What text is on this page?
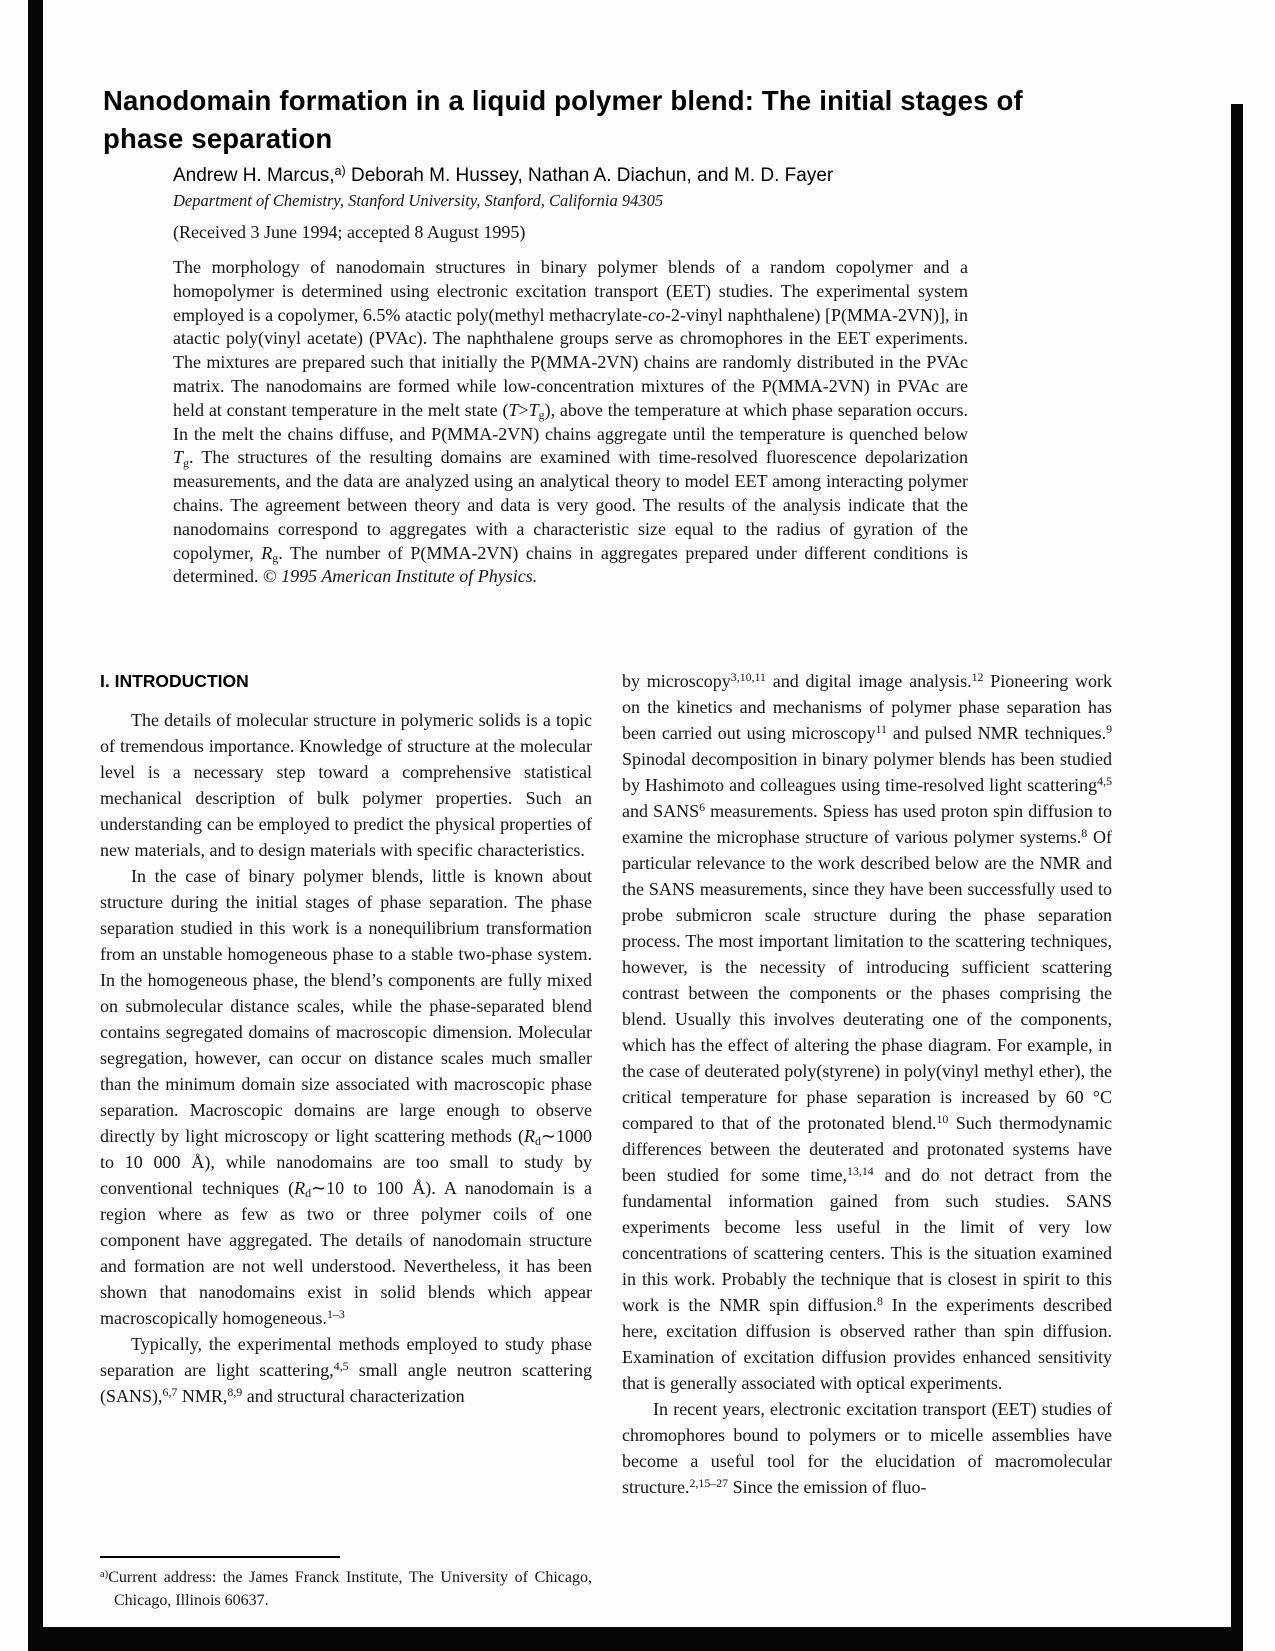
Nanodomain formation in a liquid polymer blend: The initial stages of phase separation

Andrew H. Marcus,$^{a)}$ Deborah M. Hussey, Nathan A. Diachun, and M. D. Fayer

Department of Chemistry, Stanford University, Stanford, California 94305

(Received 3 June 1994; accepted 8 August 1995)

The morphology of nanodomain structures in binary polymer blends of a random copolymer and a homopolymer is determined using electronic excitation transport (EET) studies. The experimental system employed is a copolymer, 6.5% atactic poly(methyl methacrylate-co-2-vinyl naphthalene) [P(MMA-2VN)], in atactic poly(vinyl acetate) (PVAc). The naphthalene groups serve as chromophores in the EET experiments. The mixtures are prepared such that initially the P(MMA-2VN) chains are randomly distributed in the PVAc matrix. The nanodomains are formed while low-concentration mixtures of the P(MMA-2VN) in PVAc are held at constant temperature in the melt state $(T>T_g)$, above the temperature at which phase separation occurs. In the melt the chains diffuse, and P(MMA-2VN) chains aggregate until the temperature is quenched below $T_g$. The structures of the resulting domains are examined with time-resolved fluorescence depolarization measurements, and the data are analyzed using an analytical theory to model EET among interacting polymer chains. The agreement between theory and data is very good. The results of the analysis indicate that the nanodomains correspond to aggregates with a characteristic size equal to the radius of gyration of the copolymer, $R_g$. The number of P(MMA-2VN) chains in aggregates prepared under different conditions is determined. © 1995 American Institute of Physics.

I. INTRODUCTION

The details of molecular structure in polymeric solids is a topic of tremendous importance. Knowledge of structure at the molecular level is a necessary step toward a comprehensive statistical mechanical description of bulk polymer properties. Such an understanding can be employed to predict the physical properties of new materials, and to design materials with specific characteristics.

In the case of binary polymer blends, little is known about structure during the initial stages of phase separation. The phase separation studied in this work is a nonequilibrium transformation from an unstable homogeneous phase to a stable two-phase system. In the homogeneous phase, the blend’s components are fully mixed on submolecular distance scales, while the phase-separated blend contains segregated domains of macroscopic dimension. Molecular segregation, however, can occur on distance scales much smaller than the minimum domain size associated with macroscopic phase separation. Macroscopic domains are large enough to observe directly by light microscopy or light scattering methods ($R_d\sim 1000$ to 10 000 Å), while nanodomains are too small to study by conventional techniques ($R_d\sim 10$ to 100 Å). A nanodomain is a region where as few as two or three polymer coils of one component have aggregated. The details of nanodomain structure and formation are not well understood. Nevertheless, it has been shown that nanodomains exist in solid blends which appear macroscopically homogeneous.$^{1-3}$

Typically, the experimental methods employed to study phase separation are light scattering,$^{4,5}$ small angle neutron scattering (SANS),$^{6,7}$ NMR,$^{8,9}$ and structural characterization

by microscopy$^{3,10,11}$ and digital image analysis.$^{12}$ Pioneering work on the kinetics and mechanisms of polymer phase separation has been carried out using microscopy$^{11}$ and pulsed NMR techniques.$^9$ Spinodal decomposition in binary polymer blends has been studied by Hashimoto and colleagues using time-resolved light scattering$^{4,5}$ and SANS$^6$ measurements. Spiess has used proton spin diffusion to examine the microphase structure of various polymer systems.$^8$ Of particular relevance to the work described below are the NMR and the SANS measurements, since they have been successfully used to probe submicron scale structure during the phase separation process. The most important limitation to the scattering techniques, however, is the necessity of introducing sufficient scattering contrast between the components or the phases comprising the blend. Usually this involves deuterating one of the components, which has the effect of altering the phase diagram. For example, in the case of deuterated poly(styrene) in poly(vinyl methyl ether), the critical temperature for phase separation is increased by 60 °C compared to that of the protonated blend.$^{10}$ Such thermodynamic differences between the deuterated and protonated systems have been studied for some time,$^{13,14}$ and do not detract from the fundamental information gained from such studies. SANS experiments become less useful in the limit of very low concentrations of scattering centers. This is the situation examined in this work. Probably the technique that is closest in spirit to this work is the NMR spin diffusion.$^8$ In the experiments described here, excitation diffusion is observed rather than spin diffusion. Examination of excitation diffusion provides enhanced sensitivity that is generally associated with optical experiments.

In recent years, electronic excitation transport (EET) studies of chromophores bound to polymers or to micelle assemblies have become a useful tool for the elucidation of macromolecular structure.$^{2,15-27}$ Since the emission of fluo-

$^{a)}$Current address: the James Franck Institute, The University of Chicago, Chicago, Illinois 60637.
